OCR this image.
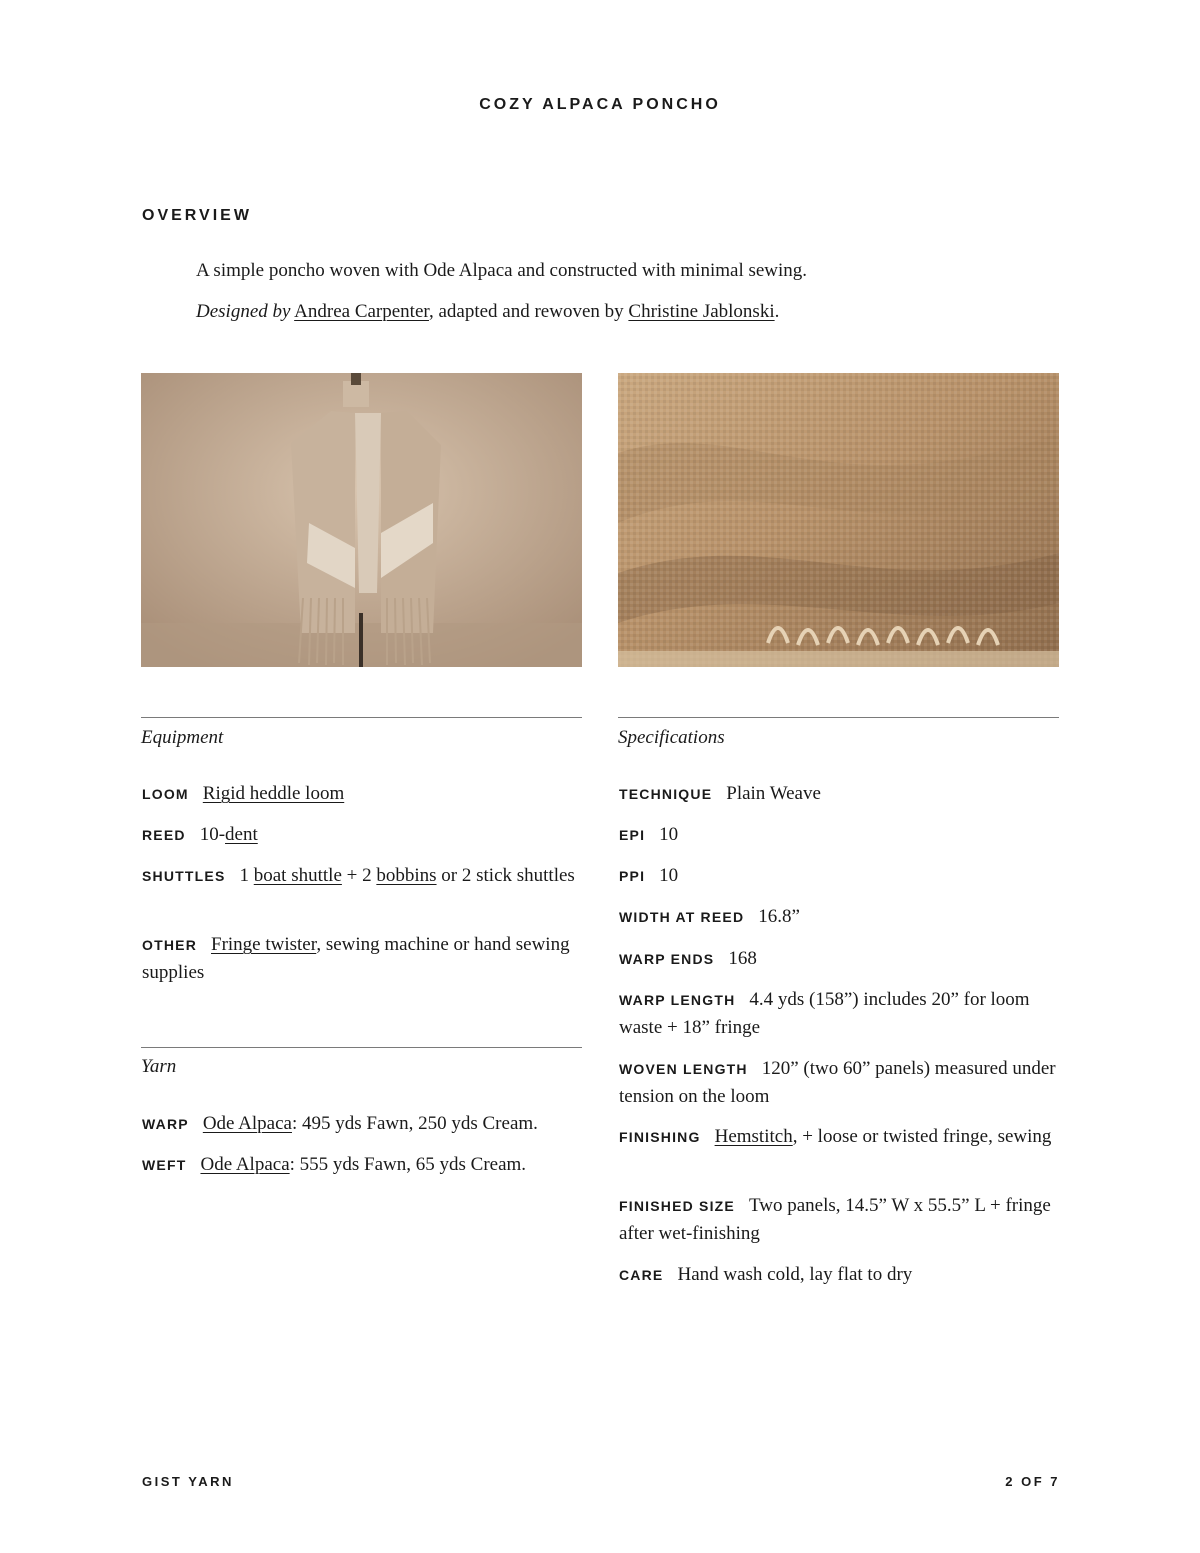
COZY ALPACA PONCHO
OVERVIEW

A simple poncho woven with Ode Alpaca and constructed with minimal sewing.

Designed by Andrea Carpenter, adapted and rewoven by Christine Jablonski.

Equipment
LOOM Rigid heddle loom
REED 10-dent
SHUTTLES 1 boat shuttle + 2 bobbins or 2 stick shuttles
OTHER Fringe twister, sewing machine or hand sewing supplies
Yarn
WARP Ode Alpaca: 495 yds Fawn, 250 yds Cream.
WEFT Ode Alpaca: 555 yds Fawn, 65 yds Cream.
Specifications
TECHNIQUE Plain Weave
EPI 10
PPI 10
WIDTH AT REED 16.8”
WARP ENDS 168
WARP LENGTH 4.4 yds (158”) includes 20” for loom waste + 18” fringe
WOVEN LENGTH 120” (two 60” panels) measured under tension on the loom
FINISHING Hemstitch, + loose or twisted fringe, sewing
FINISHED SIZE Two panels, 14.5” W x 55.5” L + fringe after wet-finishing
CARE Hand wash cold, lay flat to dry
GIST YARN	2 OF 7
